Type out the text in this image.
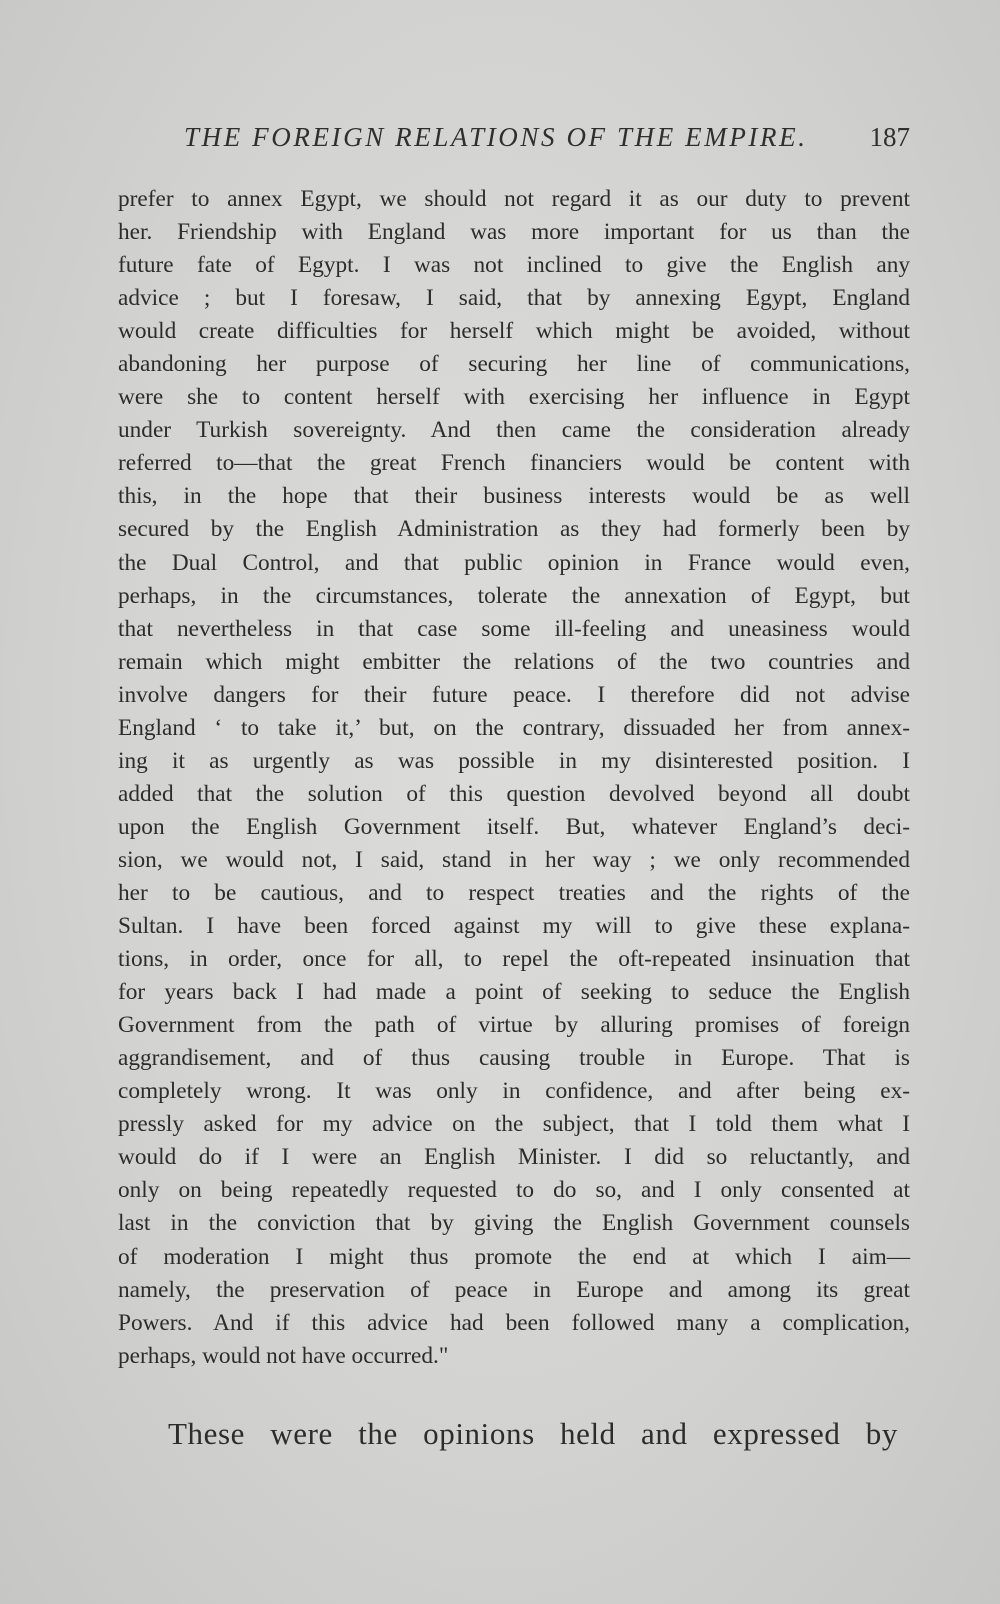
THE FOREIGN RELATIONS OF THE EMPIRE. 187
prefer to annex Egypt, we should not regard it as our duty to prevent
her. Friendship with England was more important for us than the
future fate of Egypt. I was not inclined to give the English any
advice ; but I foresaw, I said, that by annexing Egypt, England
would create difficulties for herself which might be avoided, without
abandoning her purpose of securing her line of communications,
were she to content herself with exercising her influence in Egypt
under Turkish sovereignty. And then came the consideration already
referred to—that the great French financiers would be content with
this, in the hope that their business interests would be as well
secured by the English Administration as they had formerly been by
the Dual Control, and that public opinion in France would even,
perhaps, in the circumstances, tolerate the annexation of Egypt, but
that nevertheless in that case some ill-feeling and uneasiness would
remain which might embitter the relations of the two countries and
involve dangers for their future peace. I therefore did not advise
England ‘ to take it,’ but, on the contrary, dissuaded her from annex-
ing it as urgently as was possible in my disinterested position. I
added that the solution of this question devolved beyond all doubt
upon the English Government itself. But, whatever England’s deci-
sion, we would not, I said, stand in her way ; we only recommended
her to be cautious, and to respect treaties and the rights of the
Sultan. I have been forced against my will to give these explana-
tions, in order, once for all, to repel the oft-repeated insinuation that
for years back I had made a point of seeking to seduce the English
Government from the path of virtue by alluring promises of foreign
aggrandisement, and of thus causing trouble in Europe. That is
completely wrong. It was only in confidence, and after being ex-
pressly asked for my advice on the subject, that I told them what I
would do if I were an English Minister. I did so reluctantly, and
only on being repeatedly requested to do so, and I only consented at
last in the conviction that by giving the English Government counsels
of moderation I might thus promote the end at which I aim—
namely, the preservation of peace in Europe and among its great
Powers. And if this advice had been followed many a complication,
perhaps, would not have occurred."
These were the opinions held and expressed by
